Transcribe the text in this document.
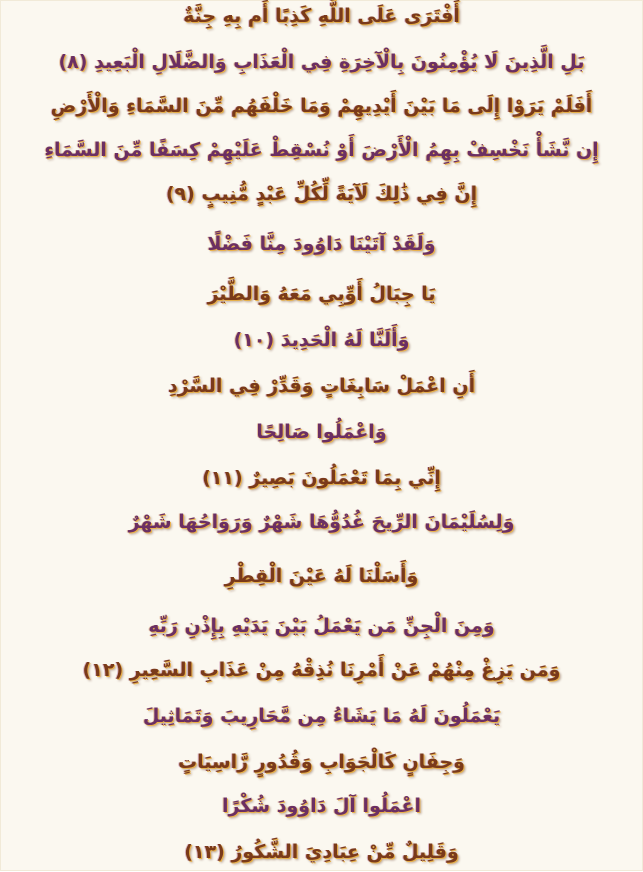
أَفْتَرَى عَلَى اللَّهِ كَذِبًا أَم بِهِ جِنَّةٌ
بَلِ الَّذِينَ لَا يُؤْمِنُونَ بِالْآخِرَةِ فِي الْعَذَابِ وَالضَّلَالِ الْبَعِيدِ (٨)
أَفَلَمْ يَرَوْا إِلَى مَا بَيْنَ أَيْدِيهِمْ وَمَا خَلْفَهُم مِّنَ السَّمَاءِ وَالْأَرْضِ
إِن نَّشَأْ نَخْسِفْ بِهِمُ الْأَرْضَ أَوْ نُسْقِطْ عَلَيْهِمْ كِسَفًا مِّنَ السَّمَاءِ
إِنَّ فِي ذَٰلِكَ لَآيَةً لِّكُلِّ عَبْدٍ مُّنِيبٍ (٩)
وَلَقَدْ آتَيْنَا دَاوُودَ مِنَّا فَضْلًا
يَا جِبَالُ أَوِّبِي مَعَهُ وَالطَّيْرَ
وَأَلَنَّا لَهُ الْحَدِيدَ (١٠)
أَنِ اعْمَلْ سَابِغَاتٍ وَقَدِّرْ فِي السَّرْدِ
وَاعْمَلُوا صَالِحًا
إِنِّي بِمَا تَعْمَلُونَ بَصِيرٌ (١١)
وَلِسُلَيْمَانَ الرِّيحَ غُدُوُّهَا شَهْرٌ وَرَوَاحُهَا شَهْرٌ
وَأَسَلْنَا لَهُ عَيْنَ الْقِطْرِ
وَمِنَ الْجِنِّ مَن يَعْمَلُ بَيْنَ يَدَيْهِ بِإِذْنِ رَبِّهِ
وَمَن يَزِغْ مِنْهُمْ عَنْ أَمْرِنَا نُذِقْهُ مِنْ عَذَابِ السَّعِيرِ (١٢)
يَعْمَلُونَ لَهُ مَا يَشَاءُ مِن مَّحَارِيبَ وَتَمَاثِيلَ
وَجِفَانٍ كَالْجَوَابِ وَقُدُورٍ رَّاسِيَاتٍ
اعْمَلُوا آلَ دَاوُودَ شُكْرًا
وَقَلِيلٌ مِّنْ عِبَادِيَ الشَّكُورُ (١٣)
